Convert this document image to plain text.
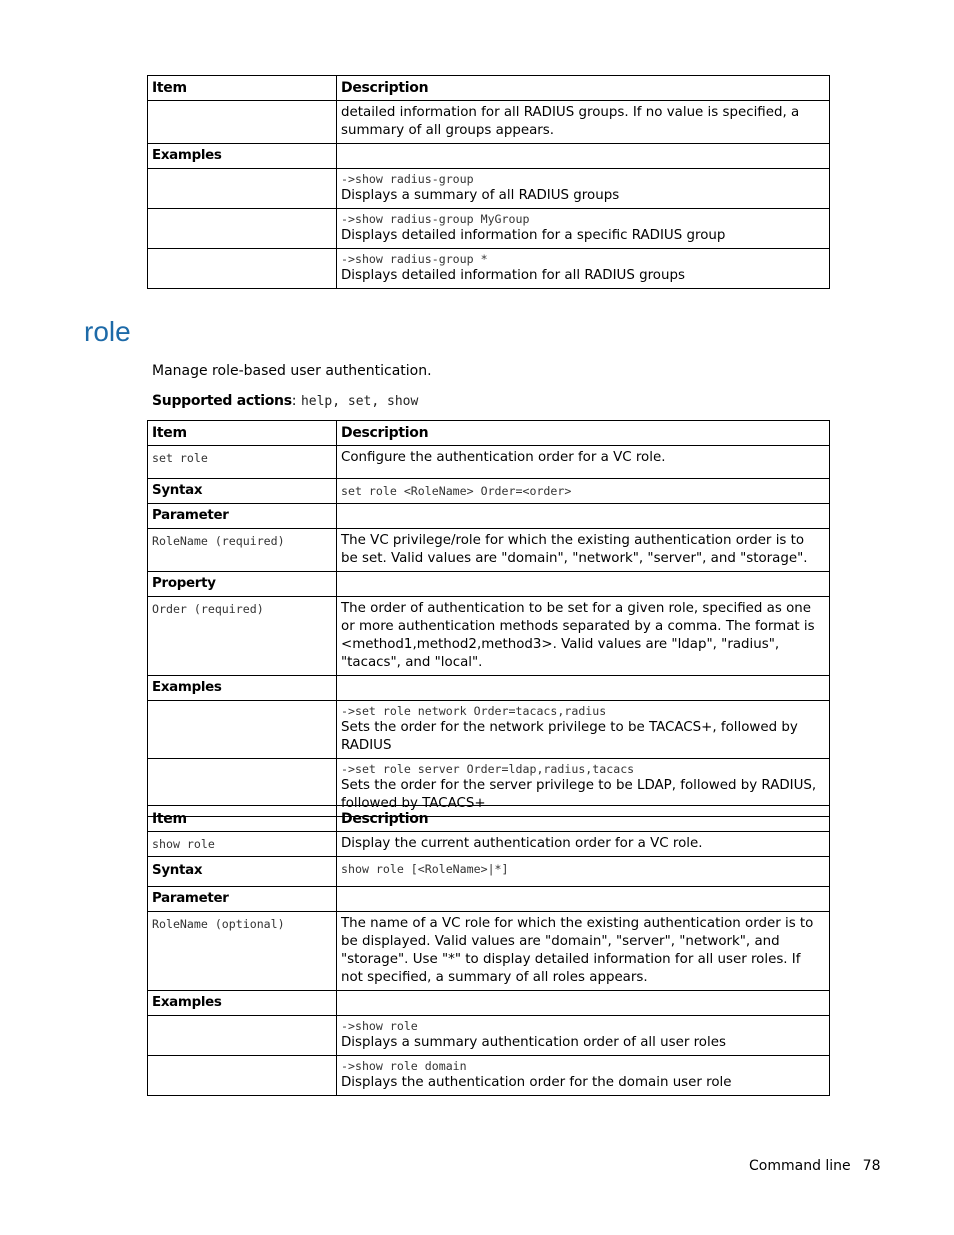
Item	Description
	detailed information for all RADIUS groups. If no value is specified, a summary of all groups appears.
Examples	

	->show radius-group
Displays a summary of all RADIUS groups

	->show radius-group MyGroup
Displays detailed information for a specific RADIUS group

	->show radius-group *
Displays detailed information for all RADIUS groups
role
Manage role-based user authentication.
Supported actions: help, set, show
Item	Description
set role	Configure the authentication order for a VC role.
Syntax	set role <RoleName> Order=<order>
Parameter	
RoleName (required)	The VC privilege/role for which the existing authentication order is to be set. Valid values are "domain", "network", "server", and "storage".
Property	
Order (required)	The order of authentication to be set for a given role, specified as one or more authentication methods separated by a comma. The format is <method1,method2,method3>. Valid values are "ldap", "radius", "tacacs", and "local".
Examples	

	->set role network Order=tacacs,radius
Sets the order for the network privilege to be TACACS+, followed by RADIUS

	->set role server Order=ldap,radius,tacacs
Sets the order for the server privilege to be LDAP, followed by RADIUS, followed by TACACS+
Item	Description
show role	Display the current authentication order for a VC role.
Syntax	show role [<RoleName>|*]
Parameter	
RoleName (optional)	The name of a VC role for which the existing authentication order is to be displayed. Valid values are "domain", "server", "network", and "storage". Use "*" to display detailed information for all user roles. If not specified, a summary of all roles appears.
Examples	

	->show role
Displays a summary authentication order of all user roles

	->show role domain
Displays the authentication order for the domain user role
Command line 78
